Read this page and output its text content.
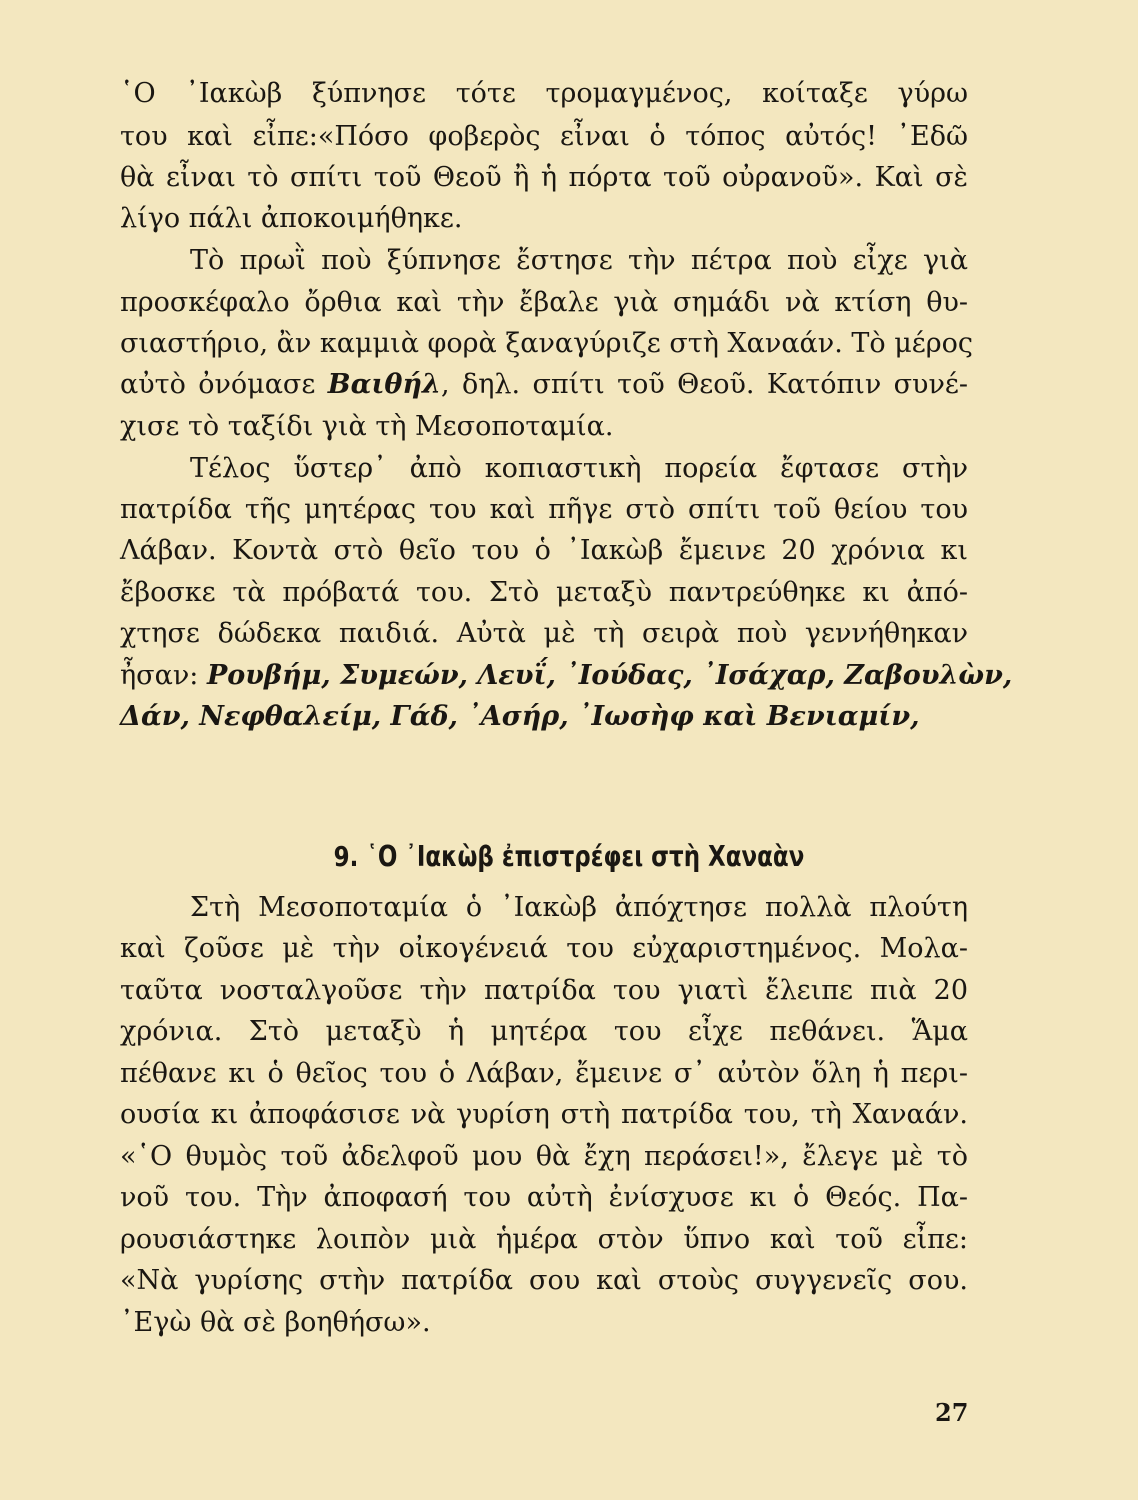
῾Ο ᾿Ιακὼβ ξύπνησε τότε τρομαγμένος, κοίταξε γύρω
του καὶ εἶπε:«Πόσο φοβερὸς εἶναι ὁ τόπος αὐτός! ᾿Εδῶ
θὰ εἶναι τὸ σπίτι τοῦ Θεοῦ ἢ ἡ πόρτα τοῦ οὐρανοῦ». Καὶ σὲ
λίγο πάλι ἀποκοιμήθηκε.
Τὸ πρωῒ ποὺ ξύπνησε ἔστησε τὴν πέτρα ποὺ εἶχε γιὰ
προσκέφαλο ὄρθια καὶ τὴν ἔβαλε γιὰ σημάδι νὰ κτίση θυ-
σιαστήριο, ἂν καμμιὰ φορὰ ξαναγύριζε στὴ Χαναάν. Τὸ μέρος
αὐτὸ ὀνόμασε Βαιθήλ, δηλ. σπίτι τοῦ Θεοῦ. Κατόπιν συνέ-
χισε τὸ ταξίδι γιὰ τὴ Μεσοποταμία.
Τέλος ὕστερ᾿ ἀπὸ κοπιαστικὴ πορεία ἔφτασε στὴν
πατρίδα τῆς μητέρας του καὶ πῆγε στὸ σπίτι τοῦ θείου του
Λάβαν. Κοντὰ στὸ θεῖο του ὁ ᾿Ιακὼβ ἔμεινε 20 χρόνια κι
ἔβοσκε τὰ πρόβατά του. Στὸ μεταξὺ παντρεύθηκε κι ἀπό-
χτησε δώδεκα παιδιά. Αὐτὰ μὲ τὴ σειρὰ ποὺ γεννήθηκαν
ἦσαν: Ρουβήμ, Συμεών, Λευΐ, ᾿Ιούδας, ᾿Ισάχαρ, Ζαβουλὼν,
Δάν, Νεφθαλείμ, Γάδ, ᾿Ασήρ, ᾿Ιωσὴφ καὶ Βενιαμίν,
9. ῾Ο ᾿Ιακὼβ ἐπιστρέφει στὴ Χαναὰν
Στὴ Μεσοποταμία ὁ ᾿Ιακὼβ ἀπόχτησε πολλὰ πλούτη
καὶ ζοῦσε μὲ τὴν οἰκογένειά του εὐχαριστημένος. Μολα-
ταῦτα νοσταλγοῦσε τὴν πατρίδα του γιατὶ ἔλειπε πιὰ 20
χρόνια. Στὸ μεταξὺ ἡ μητέρα του εἶχε πεθάνει. Ἅμα
πέθανε κι ὁ θεῖος του ὁ Λάβαν, ἔμεινε σ᾿ αὐτὸν ὅλη ἡ περι-
ουσία κι ἀποφάσισε νὰ γυρίση στὴ πατρίδα του, τὴ Χαναάν.
«῾Ο θυμὸς τοῦ ἀδελφοῦ μου θὰ ἔχη περάσει!», ἔλεγε μὲ τὸ
νοῦ του. Τὴν ἀποφασή του αὐτὴ ἐνίσχυσε κι ὁ Θεός. Πα-
ρουσιάστηκε λοιπὸν μιὰ ἡμέρα στὸν ὕπνο καὶ τοῦ εἶπε:
«Νὰ γυρίσης στὴν πατρίδα σου καὶ στοὺς συγγενεῖς σου.
᾿Εγὼ θὰ σὲ βοηθήσω».
27
